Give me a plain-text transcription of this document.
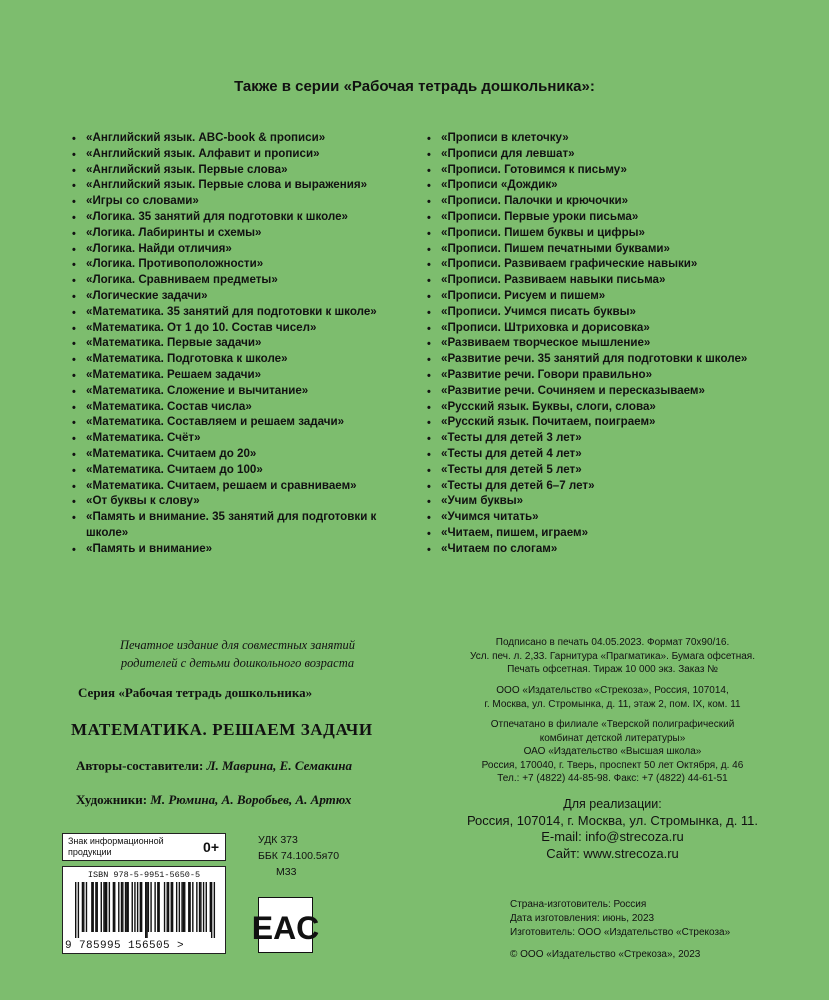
Также в серии «Рабочая тетрадь дошкольника»:
• «Английский язык. ABC-book & прописи»
• «Английский язык. Алфавит и прописи»
• «Английский язык. Первые слова»
• «Английский язык. Первые слова и выражения»
• «Игры со словами»
• «Логика. 35 занятий для подготовки к школе»
• «Логика. Лабиринты и схемы»
• «Логика. Найди отличия»
• «Логика. Противоположности»
• «Логика. Сравниваем предметы»
• «Логические задачи»
• «Математика. 35 занятий для подготовки к школе»
• «Математика. От 1 до 10. Состав чисел»
• «Математика. Первые задачи»
• «Математика. Подготовка к школе»
• «Математика. Решаем задачи»
• «Математика. Сложение и вычитание»
• «Математика. Состав числа»
• «Математика. Составляем и решаем задачи»
• «Математика. Счёт»
• «Математика. Считаем до 20»
• «Математика. Считаем до 100»
• «Математика. Считаем, решаем и сравниваем»
• «От буквы к слову»
• «Память и внимание. 35 занятий для подготовки к школе»
• «Память и внимание»
• «Прописи в клеточку»
• «Прописи для левшат»
• «Прописи. Готовимся к письму»
• «Прописи «Дождик»
• «Прописи. Палочки и крючочки»
• «Прописи. Первые уроки письма»
• «Прописи. Пишем буквы и цифры»
• «Прописи. Пишем печатными буквами»
• «Прописи. Развиваем графические навыки»
• «Прописи. Развиваем навыки письма»
• «Прописи. Рисуем и пишем»
• «Прописи. Учимся писать буквы»
• «Прописи. Штриховка и дорисовка»
• «Развиваем творческое мышление»
• «Развитие речи. 35 занятий для подготовки к школе»
• «Развитие речи. Говори правильно»
• «Развитие речи. Сочиняем и пересказываем»
• «Русский язык. Буквы, слоги, слова»
• «Русский язык. Почитаем, поиграем»
• «Тесты для детей 3 лет»
• «Тесты для детей 4 лет»
• «Тесты для детей 5 лет»
• «Тесты для детей 6–7 лет»
• «Учим буквы»
• «Учимся читать»
• «Читаем, пишем, играем»
• «Читаем по слогам»
Печатное издание для совместных занятий
родителей с детьми дошкольного возраста
Серия «Рабочая тетрадь дошкольника»
МАТЕМАТИКА. РЕШАЕМ ЗАДАЧИ
Авторы-составители: Л. Маврина, Е. Семакина
Художники: М. Рюмина, А. Воробьев, А. Артюх
Подписано в печать 04.05.2023. Формат 70х90/16.
Усл. печ. л. 2,33. Гарнитура «Прагматика». Бумага офсетная.
Печать офсетная. Тираж 10 000 экз. Заказ №
ООО «Издательство «Стрекоза», Россия, 107014,
г. Москва, ул. Стромынка, д. 11, этаж 2, пом. IX, ком. 11
Отпечатано в филиале «Тверской полиграфический
комбинат детской литературы»
ОАО «Издательство «Высшая школа»
Россия, 170040, г. Тверь, проспект 50 лет Октября, д. 46
Тел.: +7 (4822) 44-85-98. Факс: +7 (4822) 44-61-51
Для реализации:
Россия, 107014, г. Москва, ул. Стромынка, д. 11.
E-mail: info@strecoza.ru
Сайт: www.strecoza.ru
Знак информационной продукции	0+
ISBN 978-5-9951-5650-5
9 785995 156505 >
УДК 373
ББК 74.100.5я70
М33
EAC
Страна-изготовитель: Россия
Дата изготовления: июнь, 2023
Изготовитель: ООО «Издательство «Стрекоза»
© ООО «Издательство «Стрекоза», 2023
